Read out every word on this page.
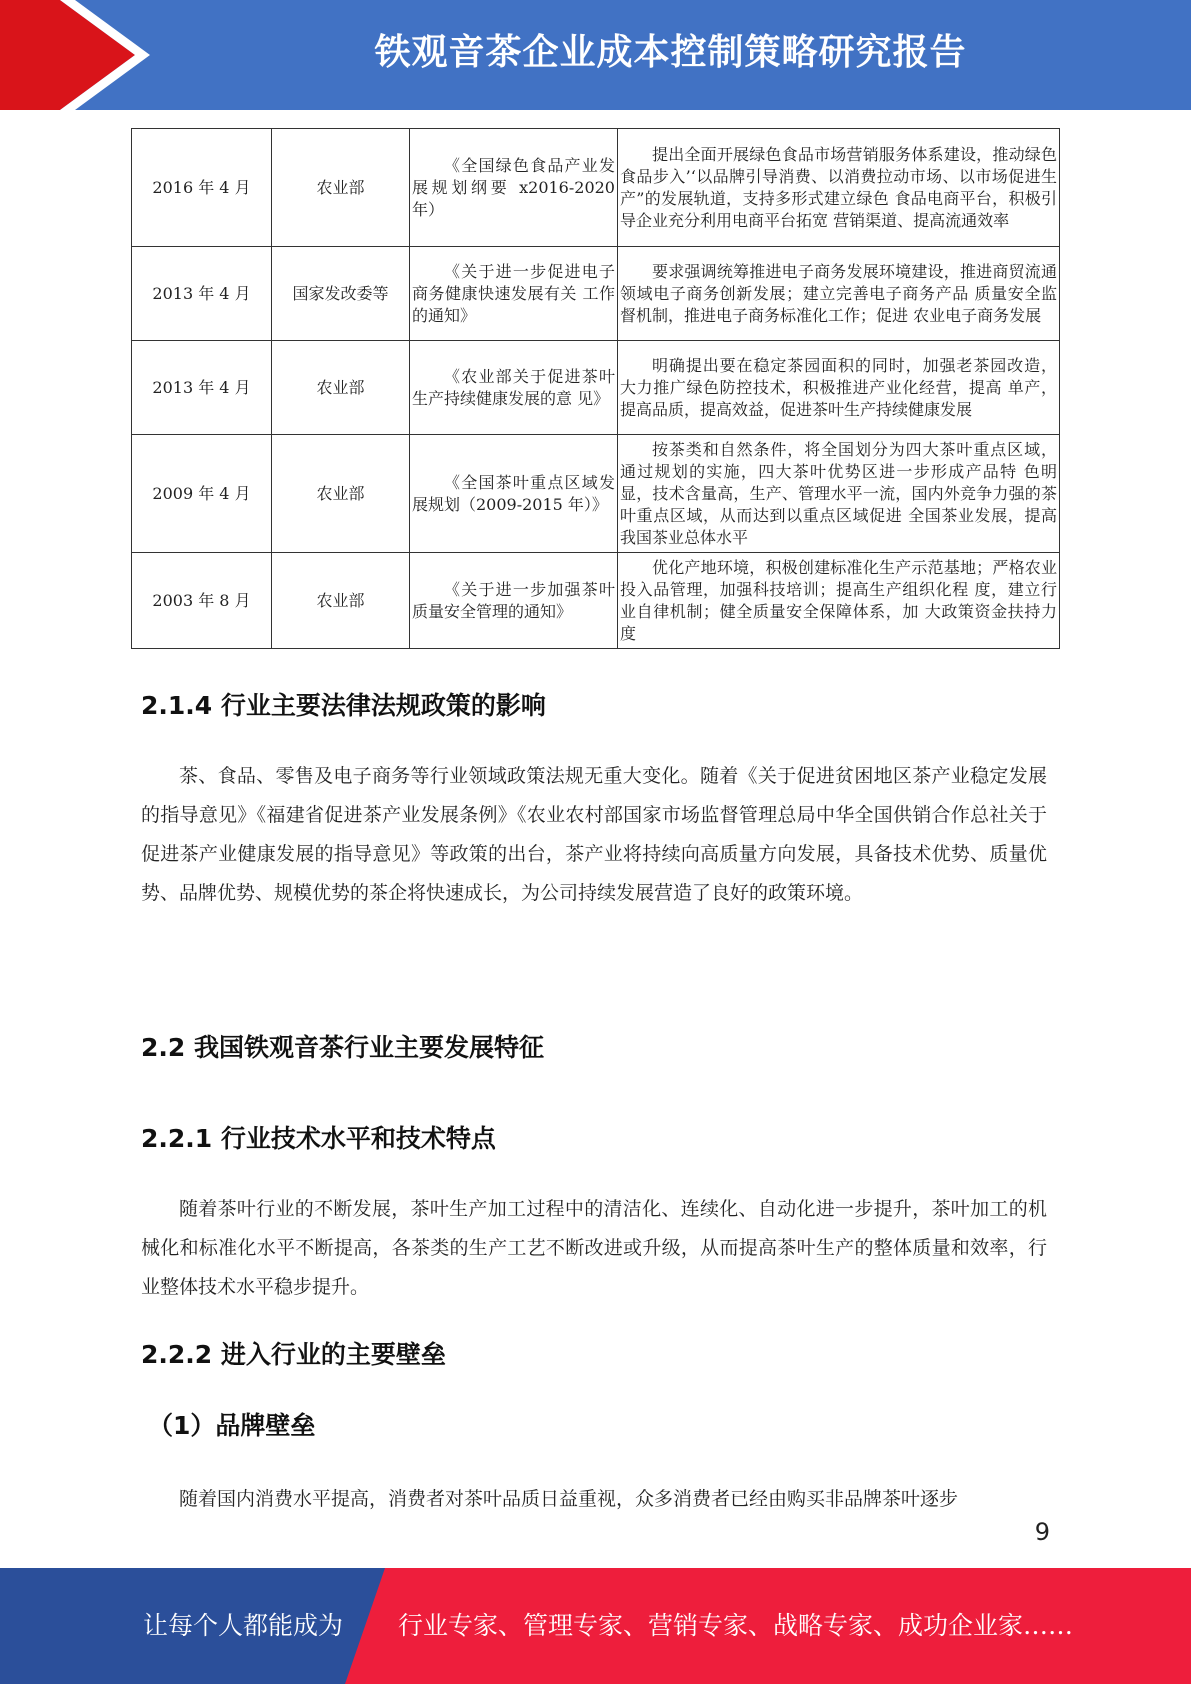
铁观音茶企业成本控制策略研究报告
2016 年 4 月	农业部	《全国绿色食品产业发 展规划纲要 x2016-2020 年）	提出全面开展绿色食品市场营销服务体系建设，推动绿色食品步入’‘以品牌引导消费、以消费拉动市场、以市场促进生产”的发展轨道，支持多形式建立绿色 食品电商平台，积极引导企业充分利用电商平台拓宽 营销渠道、提高流通效率
2013 年 4 月	国家发改委等	《关于进一步促进电子 商务健康快速发展有关 工作的通知》	要求强调统筹推进电子商务发展环境建设，推进商贸流通领域电子商务创新发展；建立完善电子商务产品 质量安全监督机制，推进电子商务标准化工作；促进 农业电子商务发展
2013 年 4 月	农业部	《农业部关于促进茶叶 生产持续健康发展的意 见》	明确提出要在稳定茶园面积的同时，加强老茶园改造， 大力推广绿色防控技术，积极推进产业化经营，提高 单产，提高品质，提高效益，促进茶叶生产持续健康发展
2009 年 4 月	农业部	《全国茶叶重点区域发 展规划（2009-2015 年）》	按茶类和自然条件，将全国划分为四大茶叶重点区域， 通过规划的实施，四大茶叶优势区进一步形成产品特 色明显，技术含量高，生产、管理水平一流，国内外竞争力强的茶叶重点区域，从而达到以重点区域促进 全国茶业发展，提高我国茶业总体水平
2003 年 8 月	农业部	《关于进一步加强茶叶 质量安全管理的通知》	优化产地环境，积极创建标准化生产示范基地；严格农业投入品管理，加强科技培训；提高生产组织化程 度，建立行业自律机制；健全质量安全保障体系，加 大政策资金扶持力度
2.1.4 行业主要法律法规政策的影响
茶、食品、零售及电子商务等行业领域政策法规无重大变化。随着《关于促进贫困地区茶产业稳定发展的指导意见》《福建省促进茶产业发展条例》《农业农村部国家市场监督管理总局中华全国供销合作总社关于促进茶产业健康发展的指导意见》等政策的出台，茶产业将持续向高质量方向发展，具备技术优势、质量优势、品牌优势、规模优势的茶企将快速成长，为公司持续发展营造了良好的政策环境。
2.2 我国铁观音茶行业主要发展特征
2.2.1 行业技术水平和技术特点
随着茶叶行业的不断发展，茶叶生产加工过程中的清洁化、连续化、自动化进一步提升，茶叶加工的机械化和标准化水平不断提高，各茶类的生产工艺不断改进或升级，从而提高茶叶生产的整体质量和效率，行业整体技术水平稳步提升。
2.2.2 进入行业的主要壁垒
（1）品牌壁垒
随着国内消费水平提高，消费者对茶叶品质日益重视，众多消费者已经由购买非品牌茶叶逐步
9
让每个人都能成为 行业专家、管理专家、营销专家、战略专家、成功企业家……
